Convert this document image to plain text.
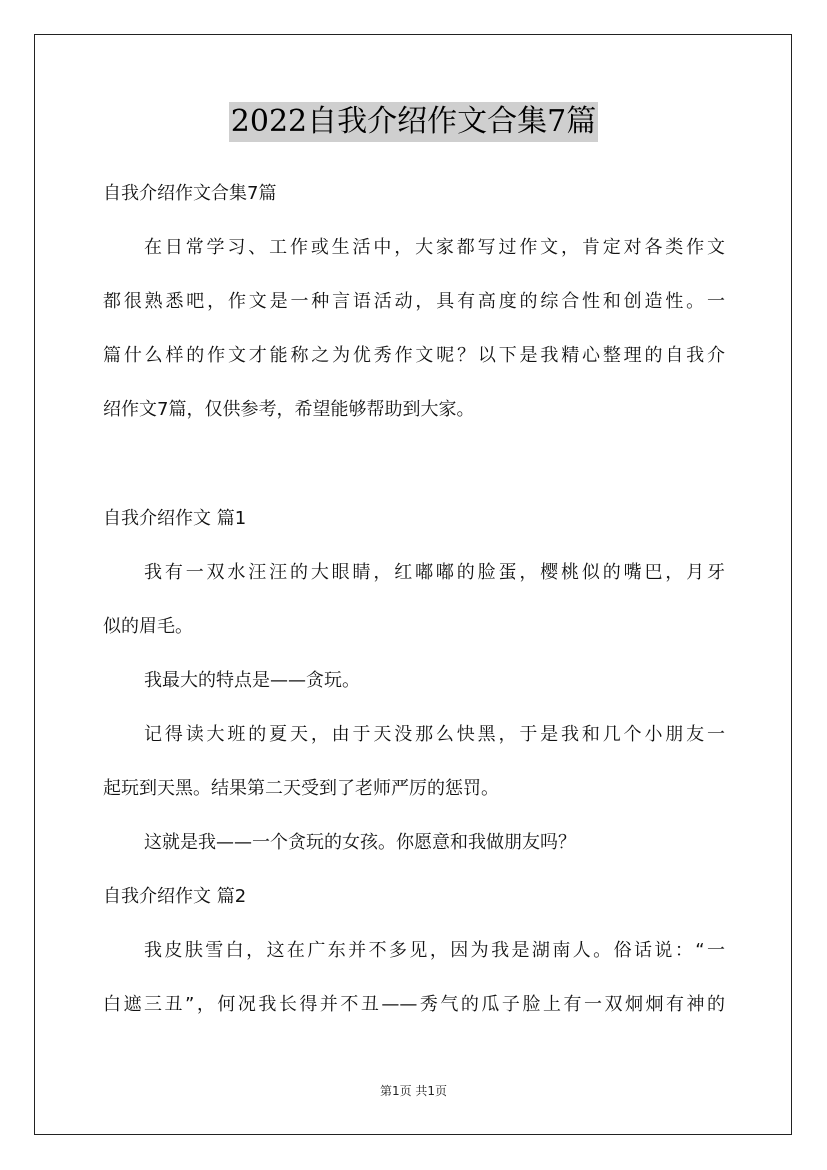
2022自我介绍作文合集7篇
自我介绍作文合集7篇
在日常学习、工作或生活中，大家都写过作文，肯定对各类作文
都很熟悉吧，作文是一种言语活动，具有高度的综合性和创造性。一
篇什么样的作文才能称之为优秀作文呢？以下是我精心整理的自我介
绍作文7篇，仅供参考，希望能够帮助到大家。
自我介绍作文 篇1
我有一双水汪汪的大眼睛，红嘟嘟的脸蛋，樱桃似的嘴巴，月牙
似的眉毛。
我最大的特点是——贪玩。
记得读大班的夏天，由于天没那么快黑，于是我和几个小朋友一
起玩到天黑。结果第二天受到了老师严厉的惩罚。
这就是我——一个贪玩的女孩。你愿意和我做朋友吗？
自我介绍作文 篇2
我皮肤雪白，这在广东并不多见，因为我是湖南人。俗话说：“一
白遮三丑”，何况我长得并不丑——秀气的瓜子脸上有一双炯炯有神的
第1页 共1页
